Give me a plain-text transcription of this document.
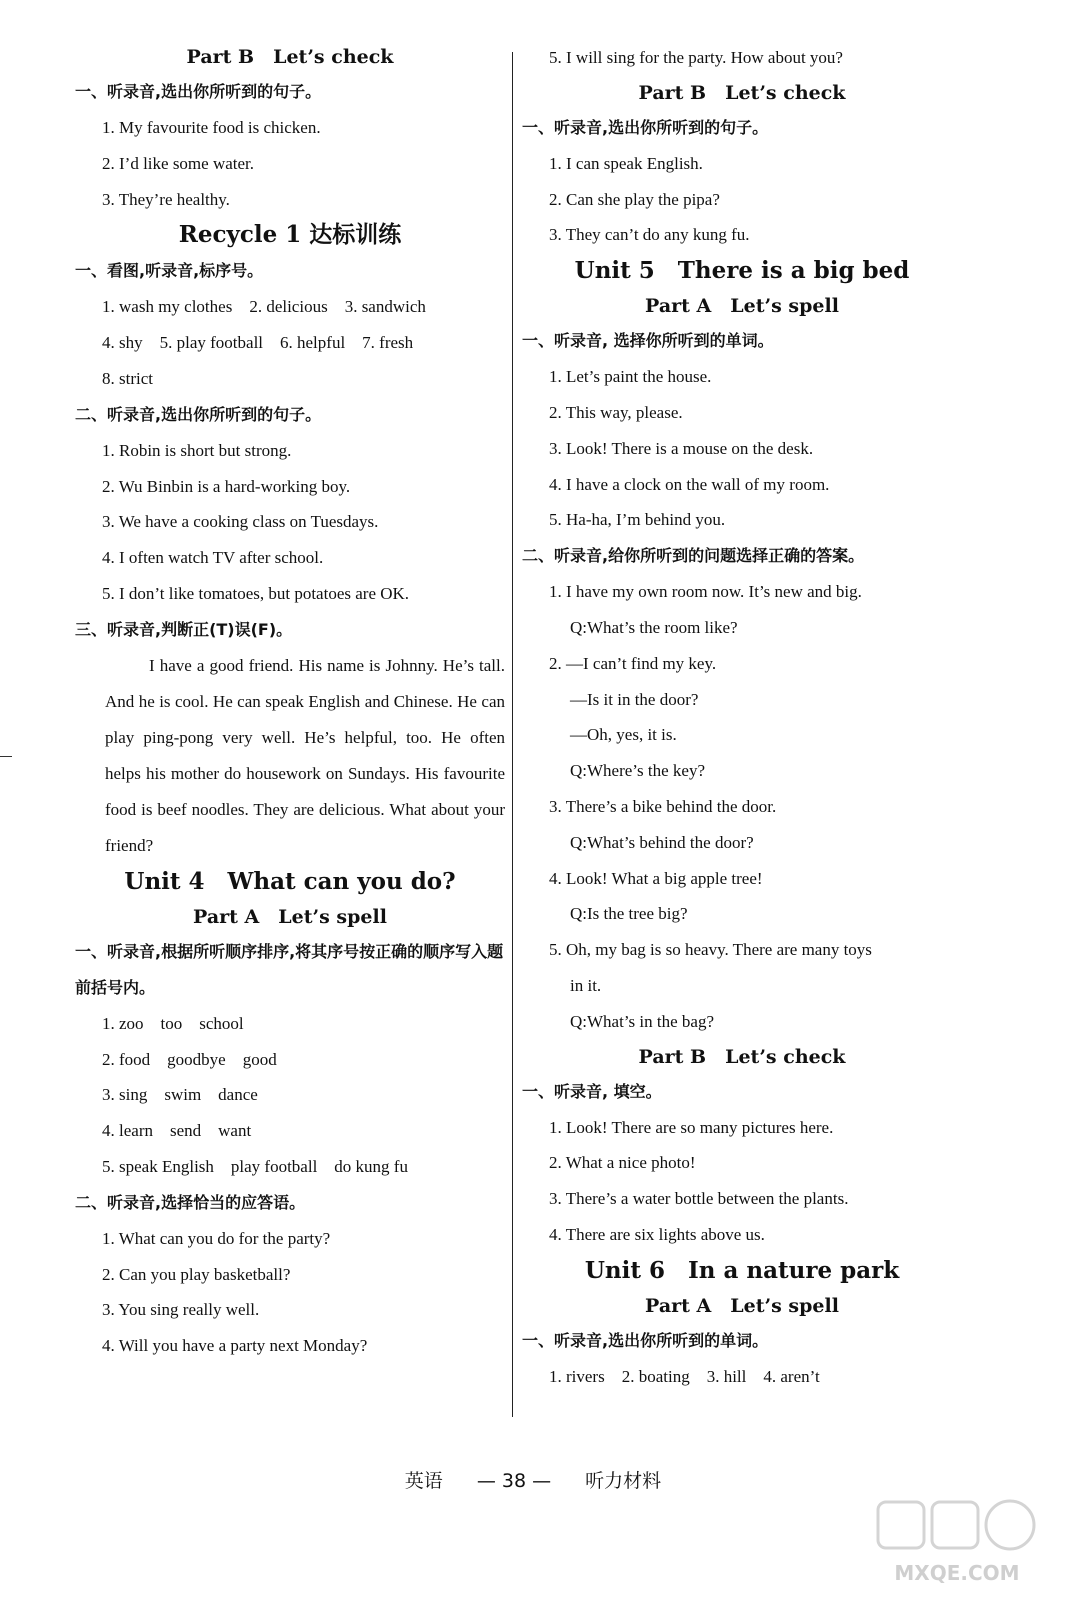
Part B　Let’s check

一、听录音,选出你所听到的句子。

1. My favourite food is chicken.

2. I’d like some water.

3. They’re healthy.

Recycle 1 达标训练

一、看图,听录音,标序号。

1. wash my clothes　2. delicious　3. sandwich

4. shy　5. play football　6. helpful　7. fresh

8. strict

二、听录音,选出你所听到的句子。

1. Robin is short but strong.

2. Wu Binbin is a hard-working boy.

3. We have a cooking class on Tuesdays.

4. I often watch TV after school.

5. I don’t like tomatoes, but potatoes are OK.

三、听录音,判断正(T)误(F)。

I have a good friend. His name is Johnny. He’s tall. And he is cool. He can speak English and Chinese. He can play ping-pong very well. He’s helpful, too. He often helps his mother do housework on Sundays. His favourite food is beef noodles. They are delicious. What about your friend?

Unit 4　What can you do?

Part A　Let’s spell

一、听录音,根据所听顺序排序,将其序号按正确的顺序写入题前括号内。

1. zoo　too　school

2. food　goodbye　good

3. sing　swim　dance

4. learn　send　want

5. speak English　play football　do kung fu

二、听录音,选择恰当的应答语。

1. What can you do for the party?

2. Can you play basketball?

3. You sing really well.

4. Will you have a party next Monday?

5. I will sing for the party. How about you?

Part B　Let’s check

一、听录音,选出你所听到的句子。

1. I can speak English.

2. Can she play the pipa?

3. They can’t do any kung fu.

Unit 5　There is a big bed

Part A　Let’s spell

一、听录音, 选择你所听到的单词。

1. Let’s paint the house.

2. This way, please.

3. Look! There is a mouse on the desk.

4. I have a clock on the wall of my room.

5. Ha-ha, I’m behind you.

二、听录音,给你所听到的问题选择正确的答案。

1. I have my own room now. It’s new and big.

Q:What’s the room like?

2. —I can’t find my key.

—Is it in the door?

—Oh, yes, it is.

Q:Where’s the key?

3. There’s a bike behind the door.

Q:What’s behind the door?

4. Look! What a big apple tree!

Q:Is the tree big?

5. Oh, my bag is so heavy. There are many toys

in it.

Q:What’s in the bag?

Part B　Let’s check

一、听录音, 填空。

1. Look! There are so many pictures here.

2. What a nice photo!

3. There’s a water bottle between the plants.

4. There are six lights above us.

Unit 6　In a nature park

Part A　Let’s spell

一、听录音,选出你所听到的单词。

1. rivers　2. boating　3. hill　4. aren’t

英语 — 38 — 听力材料
MXQE.COM
